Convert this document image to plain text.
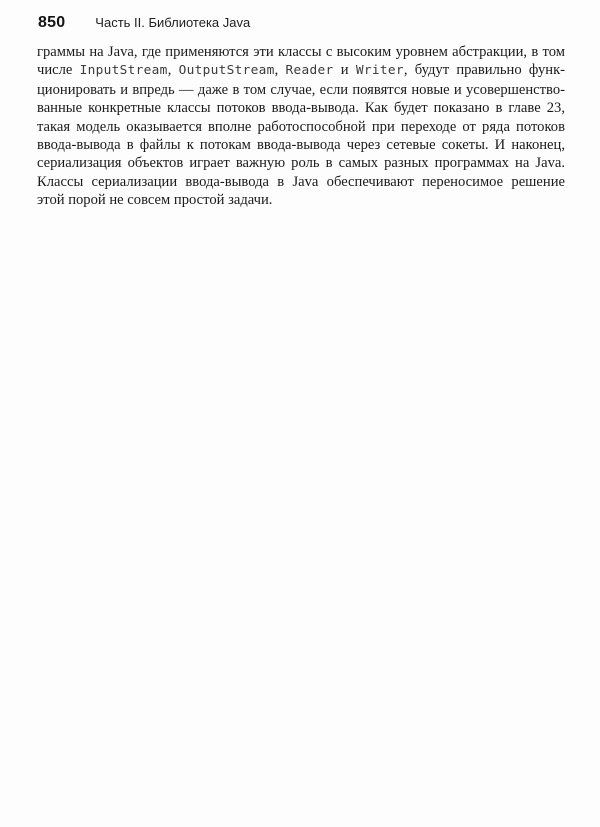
850 Часть II. Библиотека Java
граммы на Java, где применяются эти классы с высоким уровнем абстракции, в том
числе InputStream, OutputStream, Reader и Writer, будут правильно функ-
ционировать и впредь — даже в том случае, если появятся новые и усовершенство-
ванные конкретные классы потоков ввода-вывода. Как будет показано в главе 23,
такая модель оказывается вполне работоспособной при переходе от ряда потоков
ввода-вывода в файлы к потокам ввода-вывода через сетевые сокеты. И наконец,
сериализация объектов играет важную роль в самых разных программах на Java.
Классы сериализации ввода-вывода в Java обеспечивают переносимое решение
этой порой не совсем простой задачи.
